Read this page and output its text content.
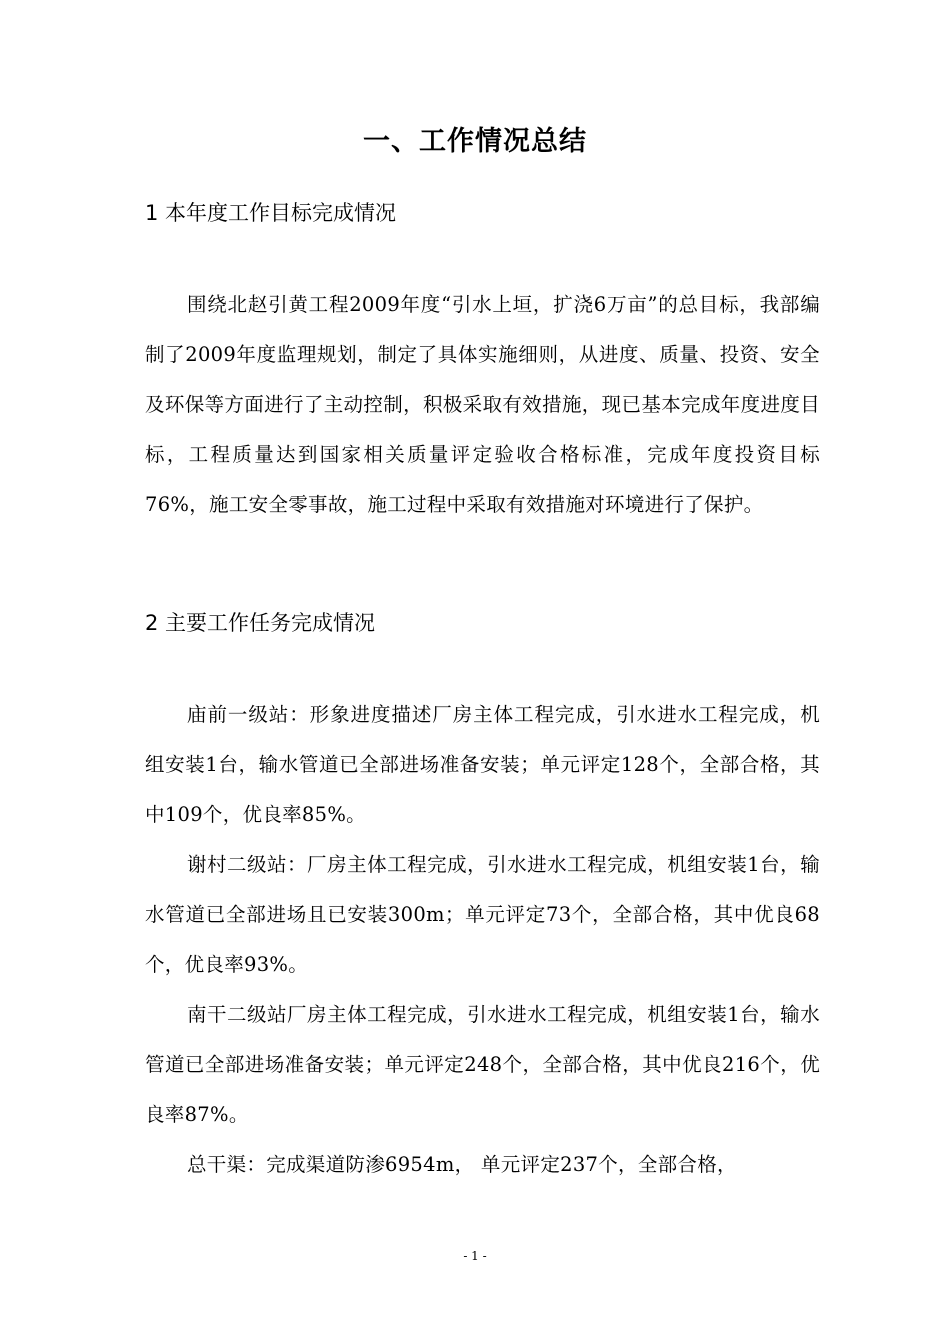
一、工作情况总结
1 本年度工作目标完成情况
围绕北赵引黄工程2009年度“引水上垣，扩浇6万亩”的总目标，我部编制了2009年度监理规划，制定了具体实施细则，从进度、质量、投资、安全及环保等方面进行了主动控制，积极采取有效措施，现已基本完成年度进度目标，工程质量达到国家相关质量评定验收合格标准，完成年度投资目标76%，施工安全零事故，施工过程中采取有效措施对环境进行了保护。
2 主要工作任务完成情况
庙前一级站：形象进度描述厂房主体工程完成，引水进水工程完成，机组安装1台，输水管道已全部进场准备安装；单元评定128个，全部合格，其中109个，优良率85%。
谢村二级站：厂房主体工程完成，引水进水工程完成，机组安装1台，输水管道已全部进场且已安装300m；单元评定73个，全部合格，其中优良68个，优良率93%。
南干二级站厂房主体工程完成，引水进水工程完成，机组安装1台，输水管道已全部进场准备安装；单元评定248个，全部合格，其中优良216个，优良率87%。
总干渠：完成渠道防渗6954m， 单元评定237个，全部合格，
- 1 -
